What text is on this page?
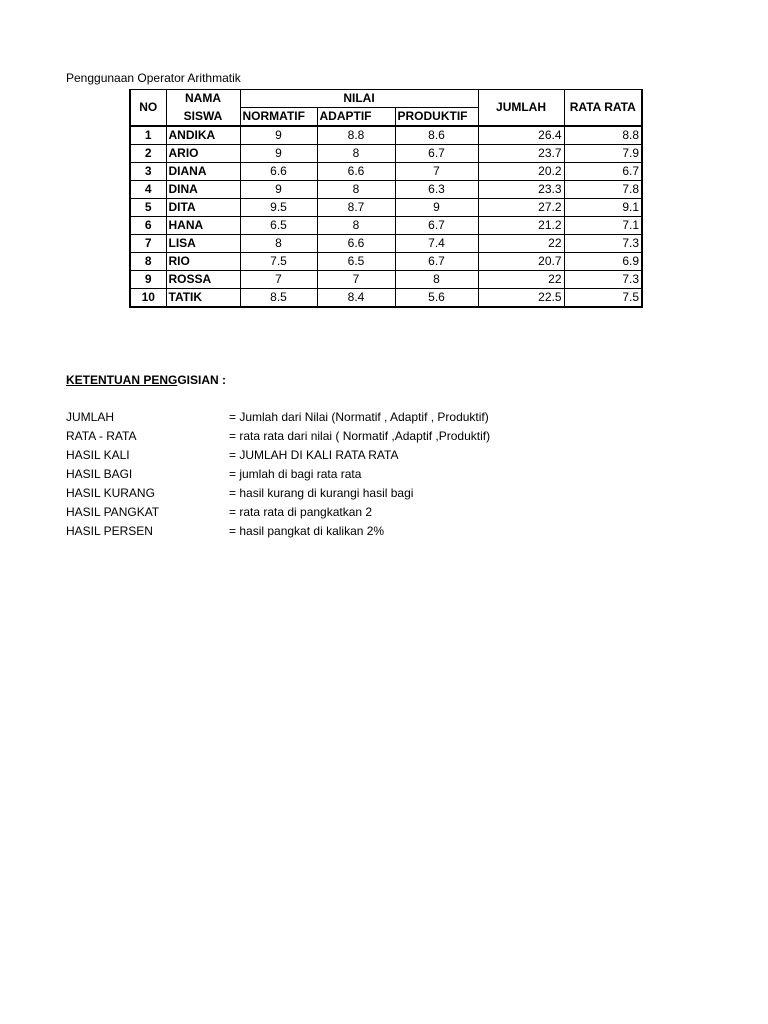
Penggunaan Operator Arithmatik
NO	NAMA	NILAI			JUMLAH	RATA RATA
	SISWA	NORMATIF	ADAPTIF	PRODUKTIF		
1	ANDIKA	9	8.8	8.6	26.4	8.8
2	ARIO	9	8	6.7	23.7	7.9
3	DIANA	6.6	6.6	7	20.2	6.7
4	DINA	9	8	6.3	23.3	7.8
5	DITA	9.5	8.7	9	27.2	9.1
6	HANA	6.5	8	6.7	21.2	7.1
7	LISA	8	6.6	7.4	22	7.3
8	RIO	7.5	6.5	6.7	20.7	6.9
9	ROSSA	7	7	8	22	7.3
10	TATIK	8.5	8.4	5.6	22.5	7.5
KETENTUAN PENGGISIAN :
JUMLAH	= Jumlah dari Nilai (Normatif , Adaptif , Produktif)
RATA - RATA	= rata rata dari nilai ( Normatif ,Adaptif ,Produktif)
HASIL KALI	= JUMLAH DI KALI RATA RATA
HASIL BAGI	= jumlah di bagi rata rata
HASIL KURANG	= hasil kurang di kurangi hasil bagi
HASIL PANGKAT	= rata rata di pangkatkan 2
HASIL PERSEN	= hasil pangkat di kalikan 2%
